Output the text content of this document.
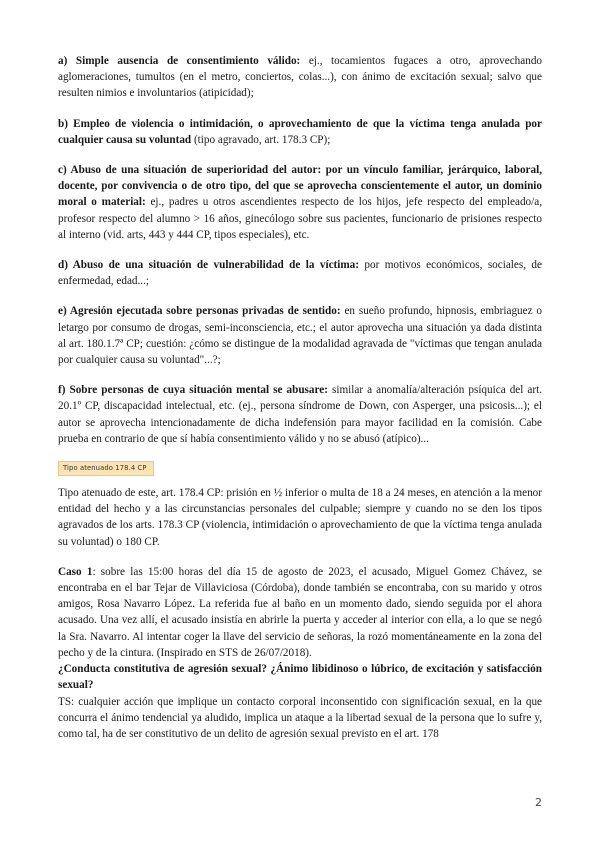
a) Simple ausencia de consentimiento válido: ej., tocamientos fugaces a otro, aprovechando aglomeraciones, tumultos (en el metro, conciertos, colas...), con ánimo de excitación sexual; salvo que resulten nimios e involuntarios (atipicidad);

b) Empleo de violencia o intimidación, o aprovechamiento de que la víctima tenga anulada por cualquier causa su voluntad (tipo agravado, art. 178.3 CP);

c) Abuso de una situación de superioridad del autor: por un vínculo familiar, jerárquico, laboral, docente, por convivencia o de otro tipo, del que se aprovecha conscientemente el autor, un dominio moral o material: ej., padres u otros ascendientes respecto de los hijos, jefe respecto del empleado/a, profesor respecto del alumno > 16 años, ginecólogo sobre sus pacientes, funcionario de prisiones respecto al interno (vid. arts, 443 y 444 CP, tipos especiales), etc.

d) Abuso de una situación de vulnerabilidad de la víctima: por motivos económicos, sociales, de enfermedad, edad...;

e) Agresión ejecutada sobre personas privadas de sentido: en sueño profundo, hipnosis, embriaguez o letargo por consumo de drogas, semi-inconsciencia, etc.; el autor aprovecha una situación ya dada distinta al art. 180.1.7ª CP; cuestión: ¿cómo se distingue de la modalidad agravada de "víctimas que tengan anulada por cualquier causa su voluntad"...?;

f) Sobre personas de cuya situación mental se abusare: similar a anomalía/alteración psíquica del art. 20.1º CP, discapacidad intelectual, etc. (ej., persona síndrome de Down, con Asperger, una psicosis...); el autor se aprovecha intencionadamente de dicha indefensión para mayor facilidad en la comisión. Cabe prueba en contrario de que sí había consentimiento válido y no se abusó (atípico)...

Tipo atenuado 178.4 CP

Tipo atenuado de este, art. 178.4 CP: prisión en ½ inferior o multa de 18 a 24 meses, en atención a la menor entidad del hecho y a las circunstancias personales del culpable; siempre y cuando no se den los tipos agravados de los arts. 178.3 CP (violencia, intimidación o aprovechamiento de que la víctima tenga anulada su voluntad) o 180 CP.

Caso 1: sobre las 15:00 horas del día 15 de agosto de 2023, el acusado, Miguel Gomez Chávez, se encontraba en el bar Tejar de Villaviciosa (Córdoba), donde también se encontraba, con su marido y otros amigos, Rosa Navarro López. La referida fue al baño en un momento dado, siendo seguida por el ahora acusado. Una vez allí, el acusado insistía en abrirle la puerta y acceder al interior con ella, a lo que se negó la Sra. Navarro. Al intentar coger la llave del servicio de señoras, la rozó momentáneamente en la zona del pecho y de la cintura. (Inspirado en STS de 26/07/2018).

¿Conducta constitutiva de agresión sexual? ¿Ánimo libidinoso o lúbrico, de excitación y satisfacción sexual?

TS: cualquier acción que implique un contacto corporal inconsentido con significación sexual, en la que concurra el ánimo tendencial ya aludido, implica un ataque a la libertad sexual de la persona que lo sufre y, como tal, ha de ser constitutivo de un delito de agresión sexual previsto en el art. 178

2
